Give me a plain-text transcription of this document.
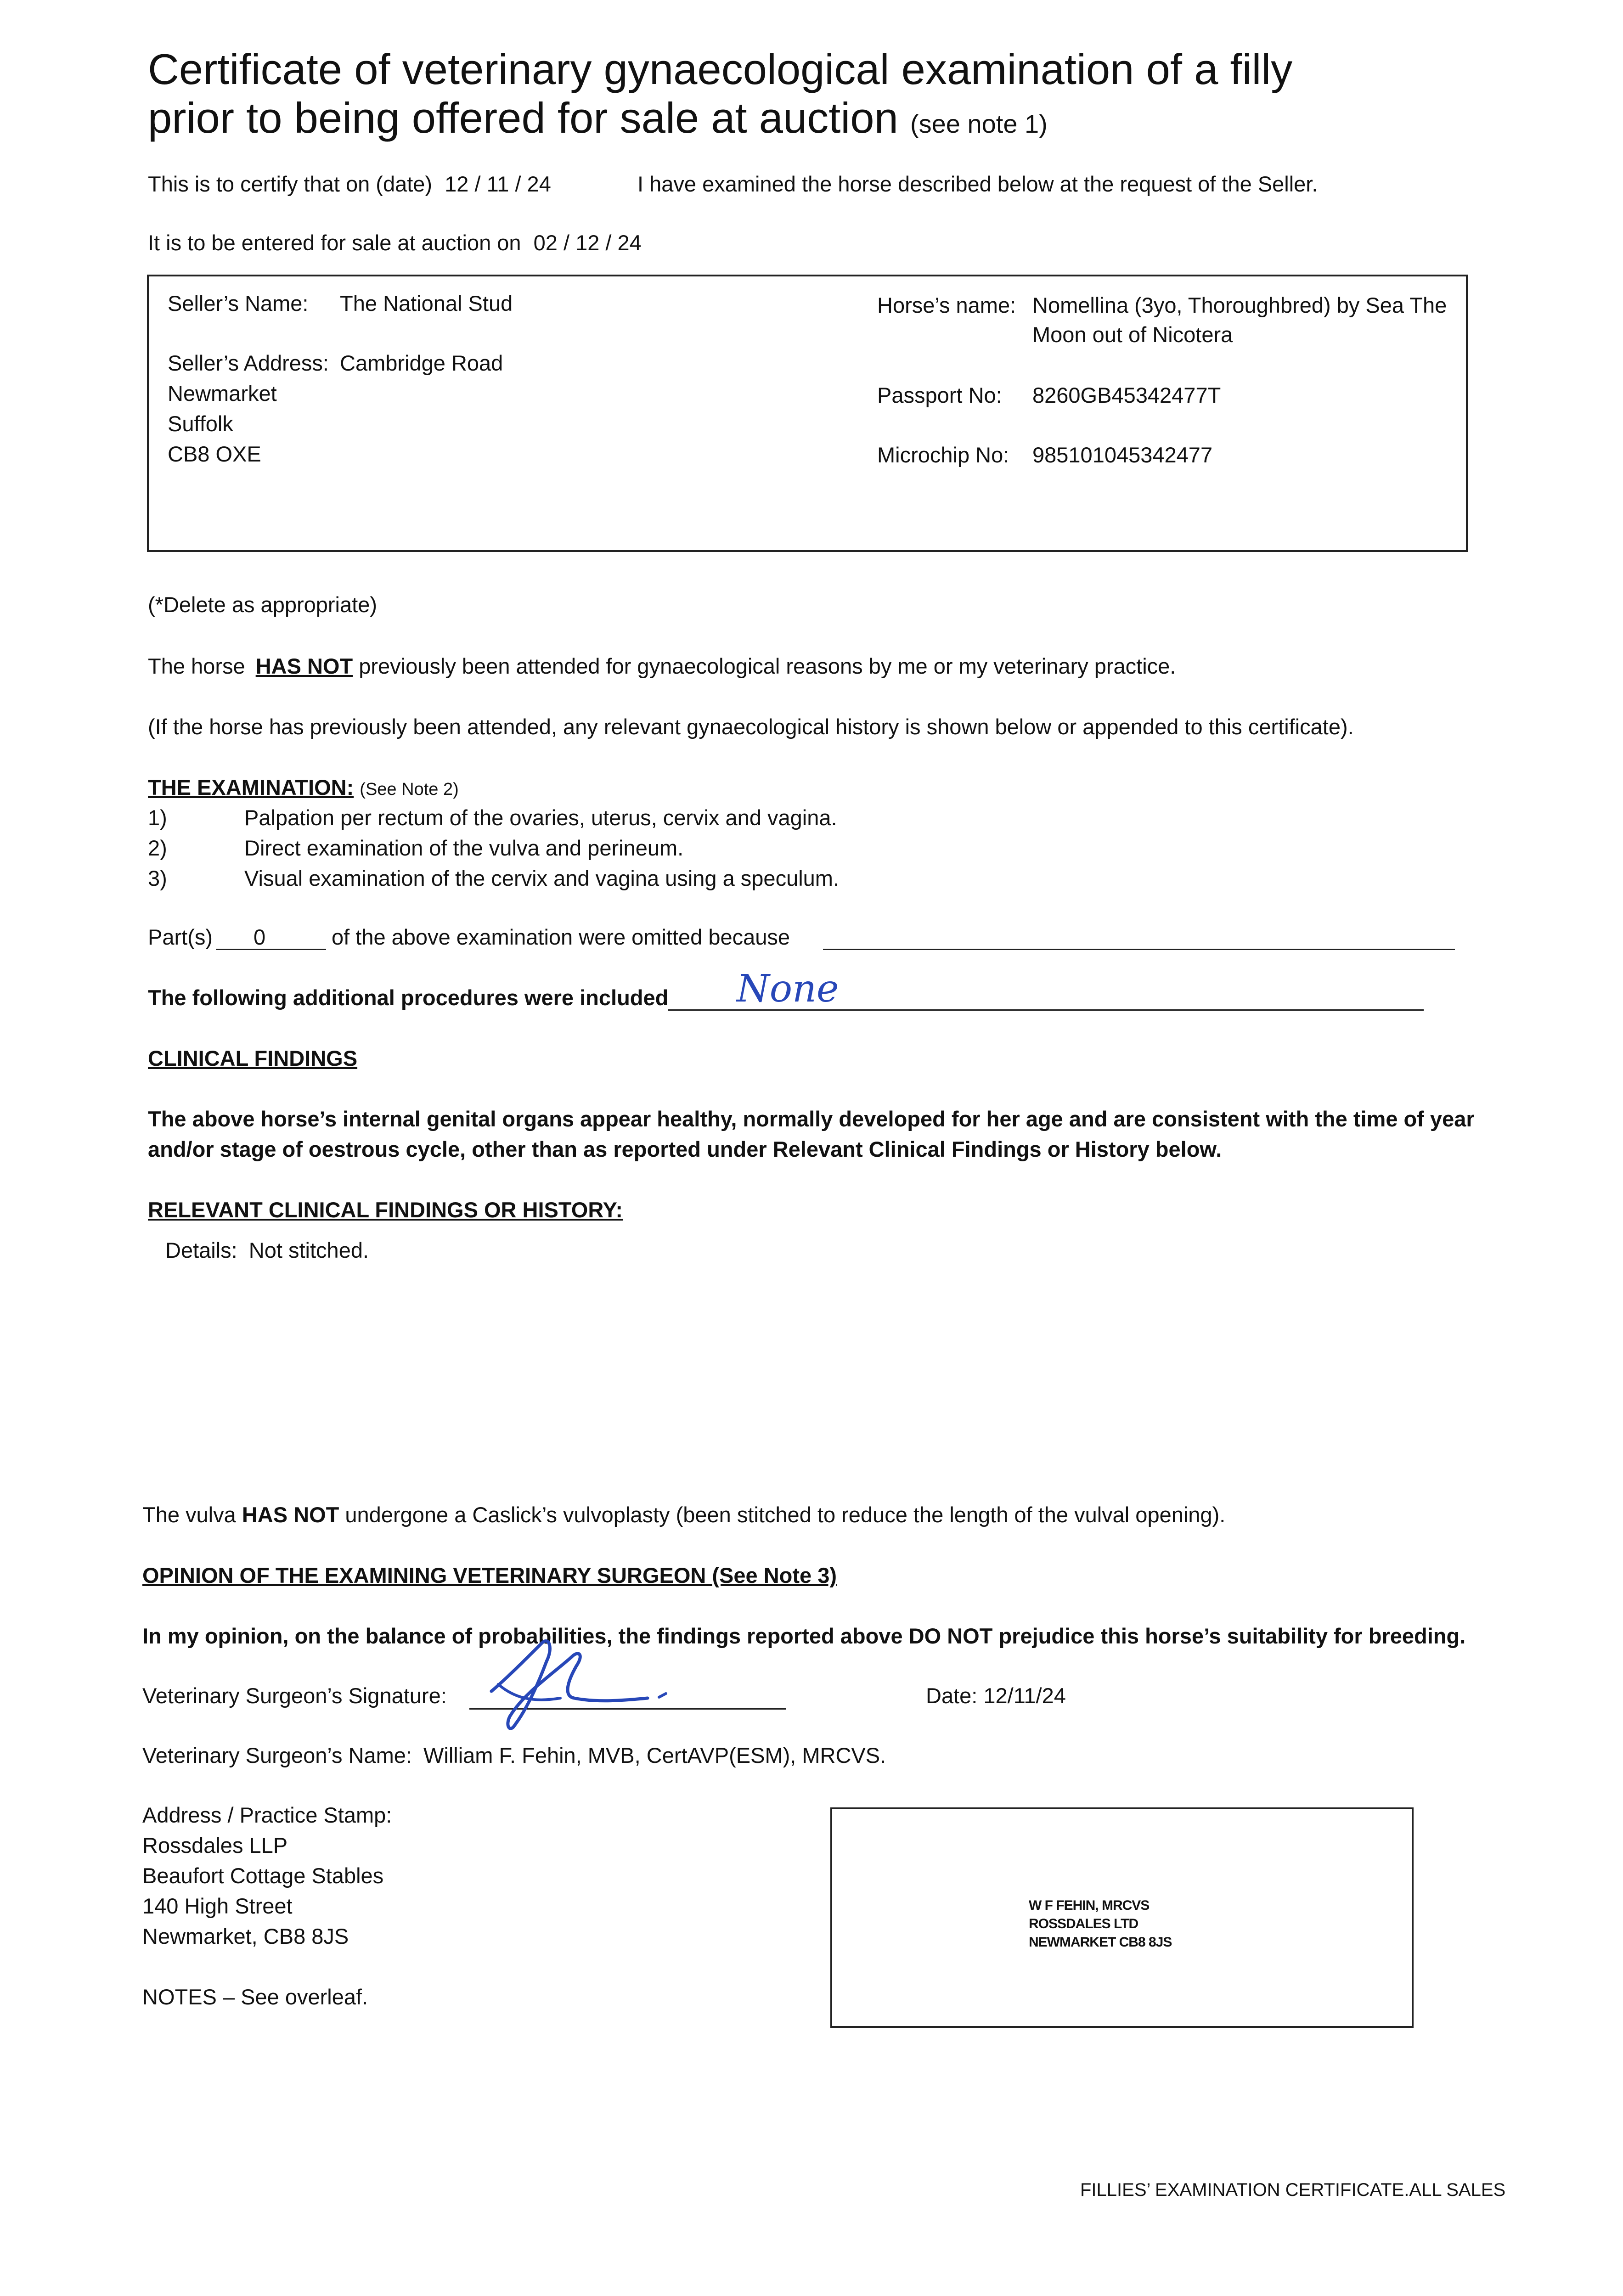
Certificate of veterinary gynaecological examination of a filly
prior to being offered for sale at auction (see note 1)
This is to certify that on (date) 12 / 11 / 24	I have examined the horse described below at the request of the Seller.
It is to be entered for sale at auction on 02 / 12 / 24
Seller’s Name: The National Stud
Seller’s Address: Cambridge Road
Newmarket
Suffolk
CB8 OXE
Horse’s name: Nomellina (3yo, Thoroughbred) by Sea The
Moon out of Nicotera
Passport No: 8260GB45342477T
Microchip No: 985101045342477
(*Delete as appropriate)
The horse HAS NOT previously been attended for gynaecological reasons by me or my veterinary practice.
(If the horse has previously been attended, any relevant gynaecological history is shown below or appended to this certificate).
THE EXAMINATION: (See Note 2)
1)	Palpation per rectum of the ovaries, uterus, cervix and vagina.
2)	Direct examination of the vulva and perineum.
3)	Visual examination of the cervix and vagina using a speculum.
Part(s) 0	of the above examination were omitted because
The following additional procedures were included None
CLINICAL FINDINGS
The above horse’s internal genital organs appear healthy, normally developed for her age and are consistent with the time of year
and/or stage of oestrous cycle, other than as reported under Relevant Clinical Findings or History below.
RELEVANT CLINICAL FINDINGS OR HISTORY:
Details: Not stitched.
The vulva HAS NOT undergone a Caslick’s vulvoplasty (been stitched to reduce the length of the vulval opening).
OPINION OF THE EXAMINING VETERINARY SURGEON (See Note 3)
In my opinion, on the balance of probabilities, the findings reported above DO NOT prejudice this horse’s suitability for breeding.
Veterinary Surgeon’s Signature:	Date: 12/11/24
Veterinary Surgeon’s Name: William F. Fehin, MVB, CertAVP(ESM), MRCVS.
Address / Practice Stamp:
Rossdales LLP
Beaufort Cottage Stables
140 High Street
Newmarket, CB8 8JS
W F FEHIN, MRCVS
ROSSDALES LTD
NEWMARKET CB8 8JS
NOTES – See overleaf.
FILLIES’ EXAMINATION CERTIFICATE.ALL SALES
